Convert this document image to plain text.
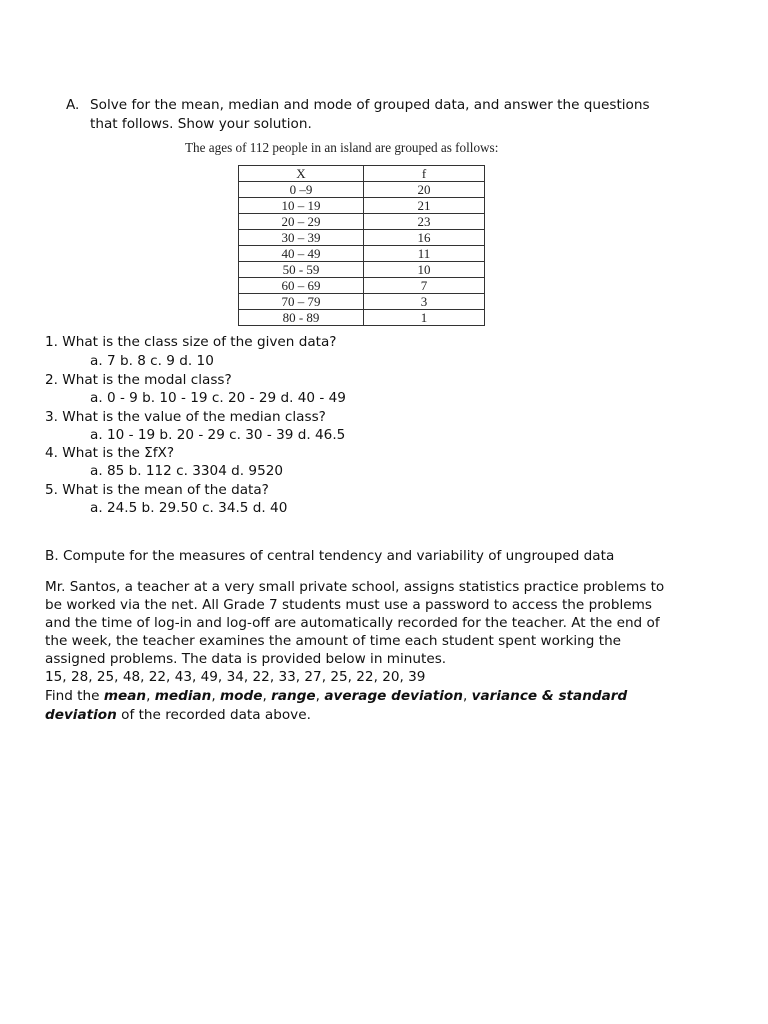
A. Solve for the mean, median and mode of grouped data, and answer the questions
that follows. Show your solution.
The ages of 112 people in an island are grouped as follows:
X	f
0 –9	20
10 – 19	21
20 – 29	23
30 – 39	16
40 – 49	11
50 - 59	10
60 – 69	7
70 – 79	3
80 - 89	1
1. What is the class size of the given data?
a. 7 b. 8 c. 9 d. 10
2. What is the modal class?
a. 0 - 9 b. 10 - 19 c. 20 - 29 d. 40 - 49
3. What is the value of the median class?
a. 10 - 19 b. 20 - 29 c. 30 - 39 d. 46.5
4. What is the ΣfX?
a. 85 b. 112 c. 3304 d. 9520
5. What is the mean of the data?
a. 24.5 b. 29.50 c. 34.5 d. 40
B. Compute for the measures of central tendency and variability of ungrouped data
Mr. Santos, a teacher at a very small private school, assigns statistics practice problems to
be worked via the net. All Grade 7 students must use a password to access the problems
and the time of log-in and log-off are automatically recorded for the teacher. At the end of
the week, the teacher examines the amount of time each student spent working the
assigned problems. The data is provided below in minutes.
15, 28, 25, 48, 22, 43, 49, 34, 22, 33, 27, 25, 22, 20, 39
Find the mean, median, mode, range, average deviation, variance & standard
deviation of the recorded data above.
